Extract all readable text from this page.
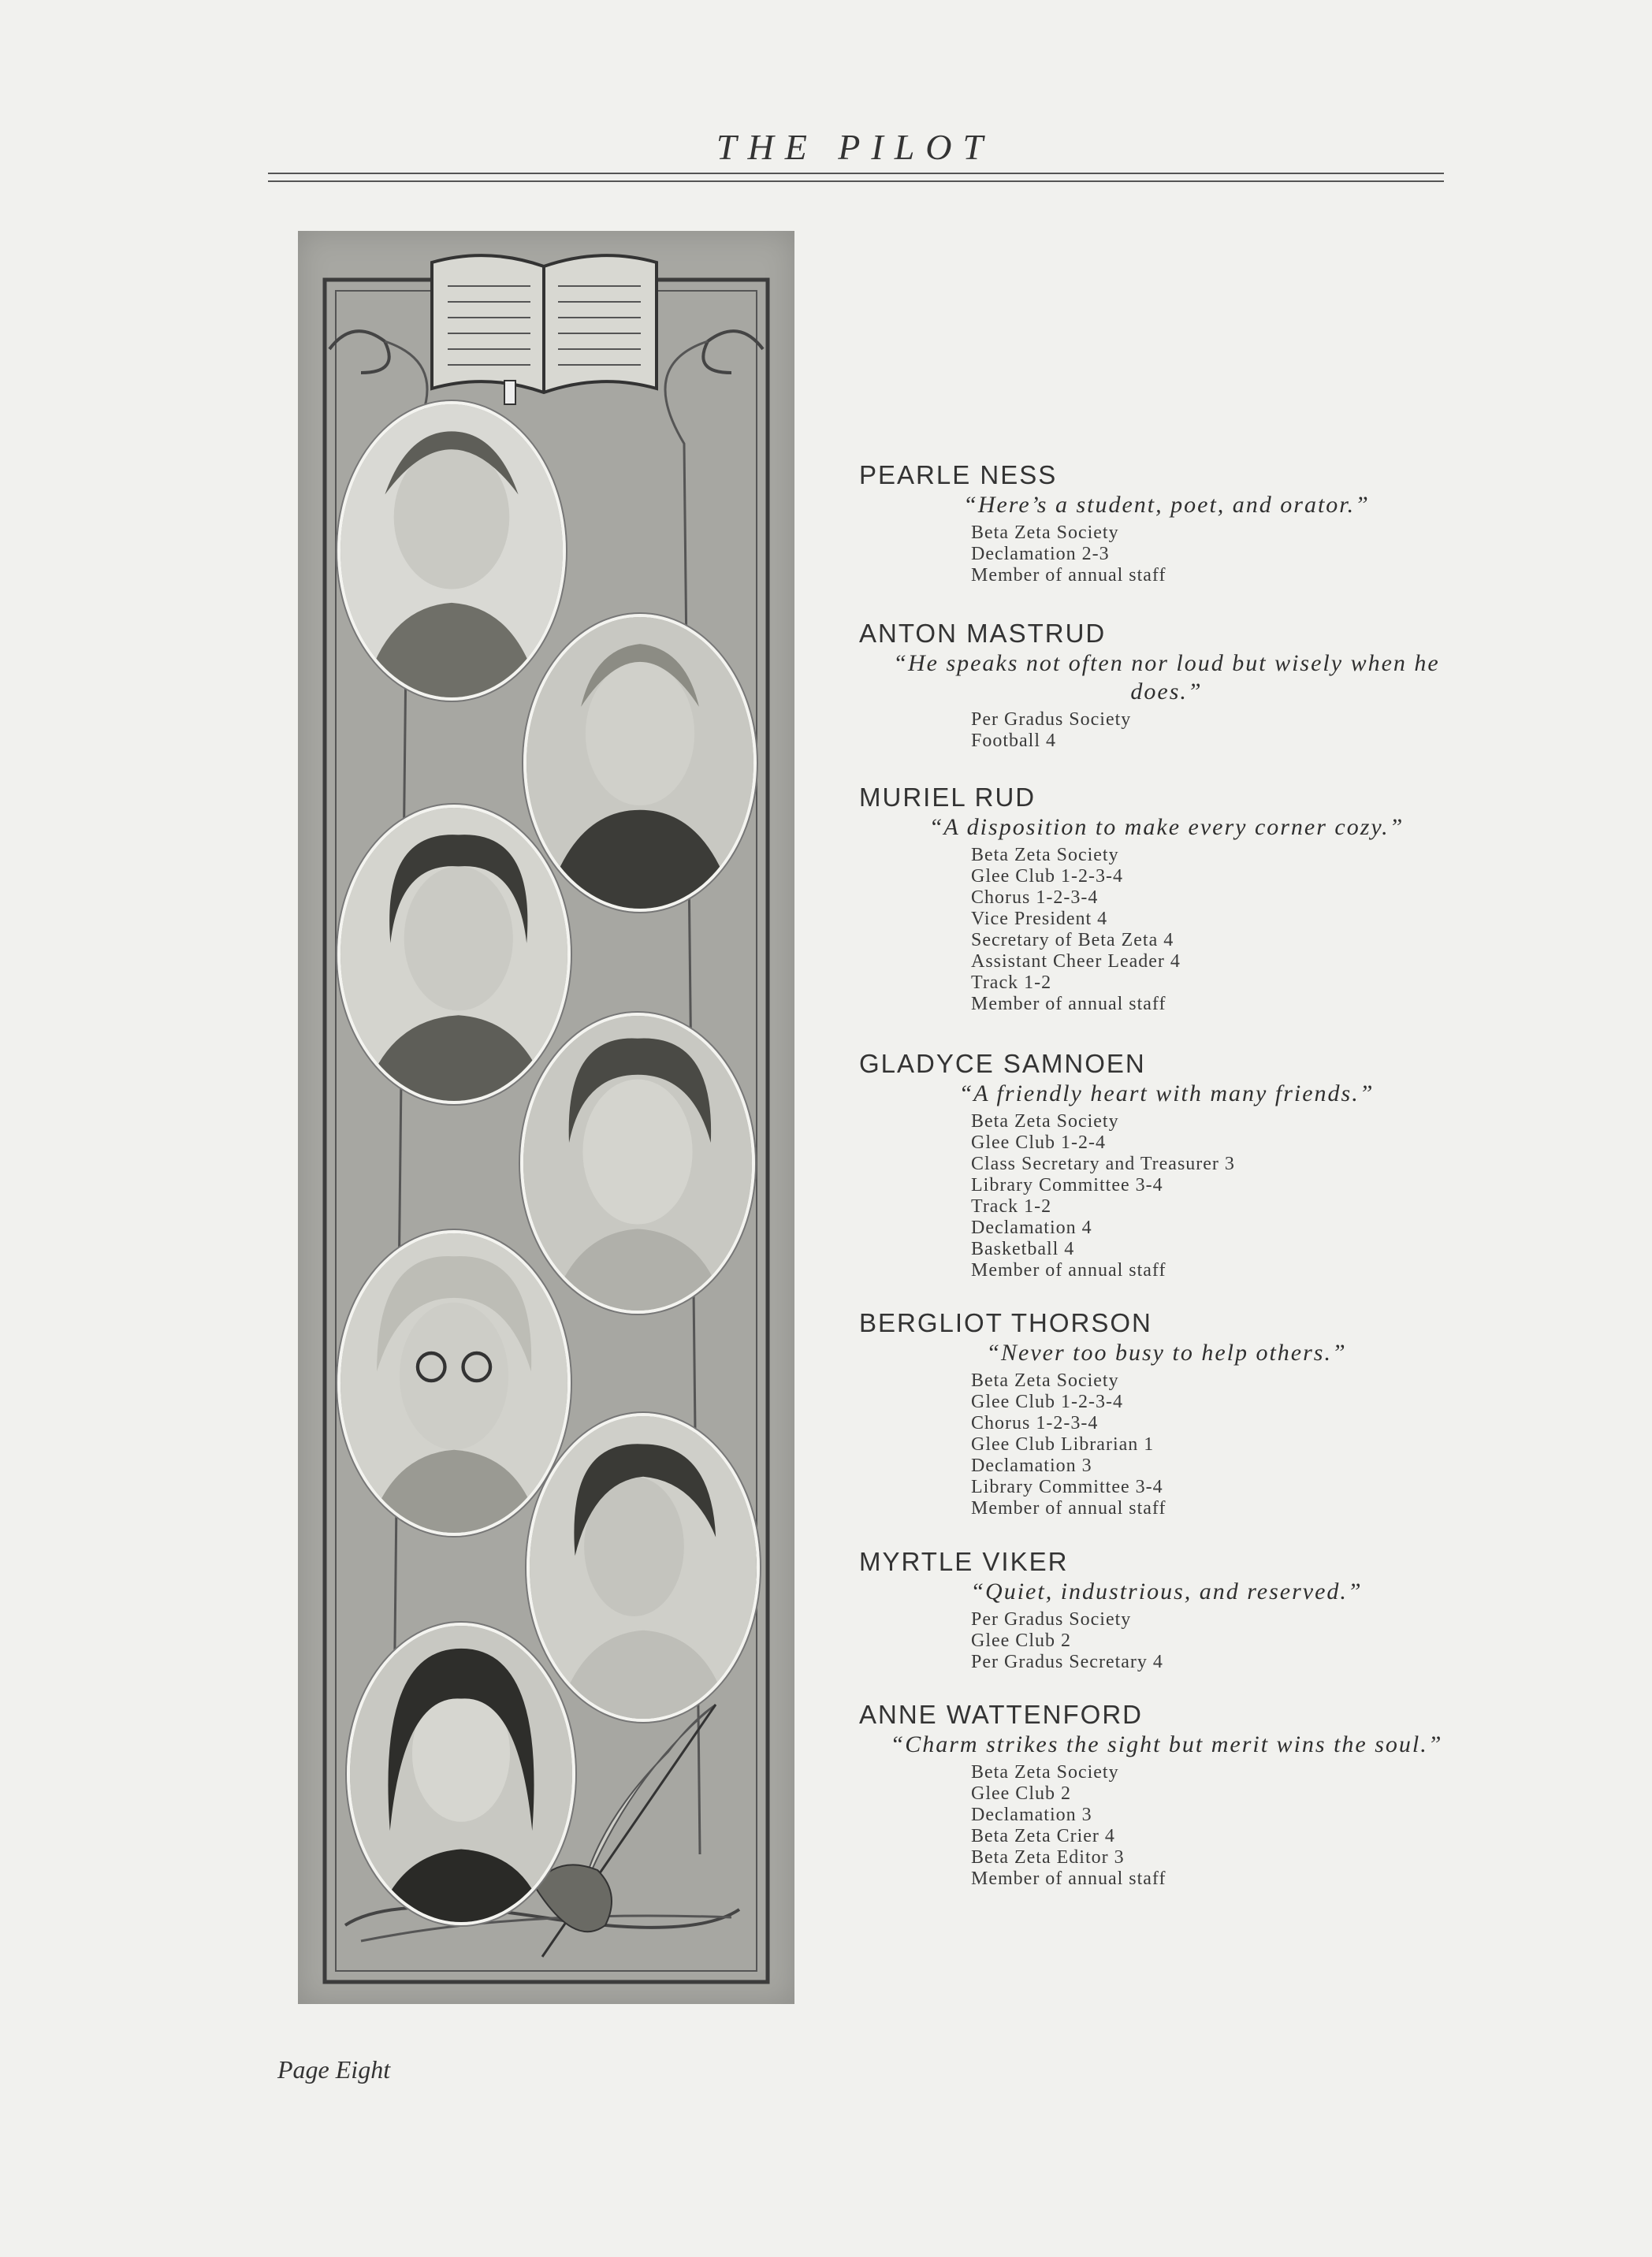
THE PILOT
PEARLE NESS

“Here’s a student, poet, and orator.”

Beta Zeta Society
Declamation 2-3
Member of annual staff
ANTON MASTRUD

“He speaks not often nor loud but wisely when he does.”

Per Gradus Society
Football 4
MURIEL RUD

“A disposition to make every corner cozy.”

Beta Zeta Society
Glee Club 1-2-3-4
Chorus 1-2-3-4
Vice President 4
Secretary of Beta Zeta 4
Assistant Cheer Leader 4
Track 1-2
Member of annual staff
GLADYCE SAMNOEN

“A friendly heart with many friends.”

Beta Zeta Society
Glee Club 1-2-4
Class Secretary and Treasurer 3
Library Committee 3-4
Track 1-2
Declamation 4
Basketball 4
Member of annual staff
BERGLIOT THORSON

“Never too busy to help others.”

Beta Zeta Society
Glee Club 1-2-3-4
Chorus 1-2-3-4
Glee Club Librarian 1
Declamation 3
Library Committee 3-4
Member of annual staff
MYRTLE VIKER

“Quiet, industrious, and reserved.”

Per Gradus Society
Glee Club 2
Per Gradus Secretary 4
ANNE WATTENFORD

“Charm strikes the sight but merit wins the soul.”

Beta Zeta Society
Glee Club 2
Declamation 3
Beta Zeta Crier 4
Beta Zeta Editor 3
Member of annual staff
Page Eight
